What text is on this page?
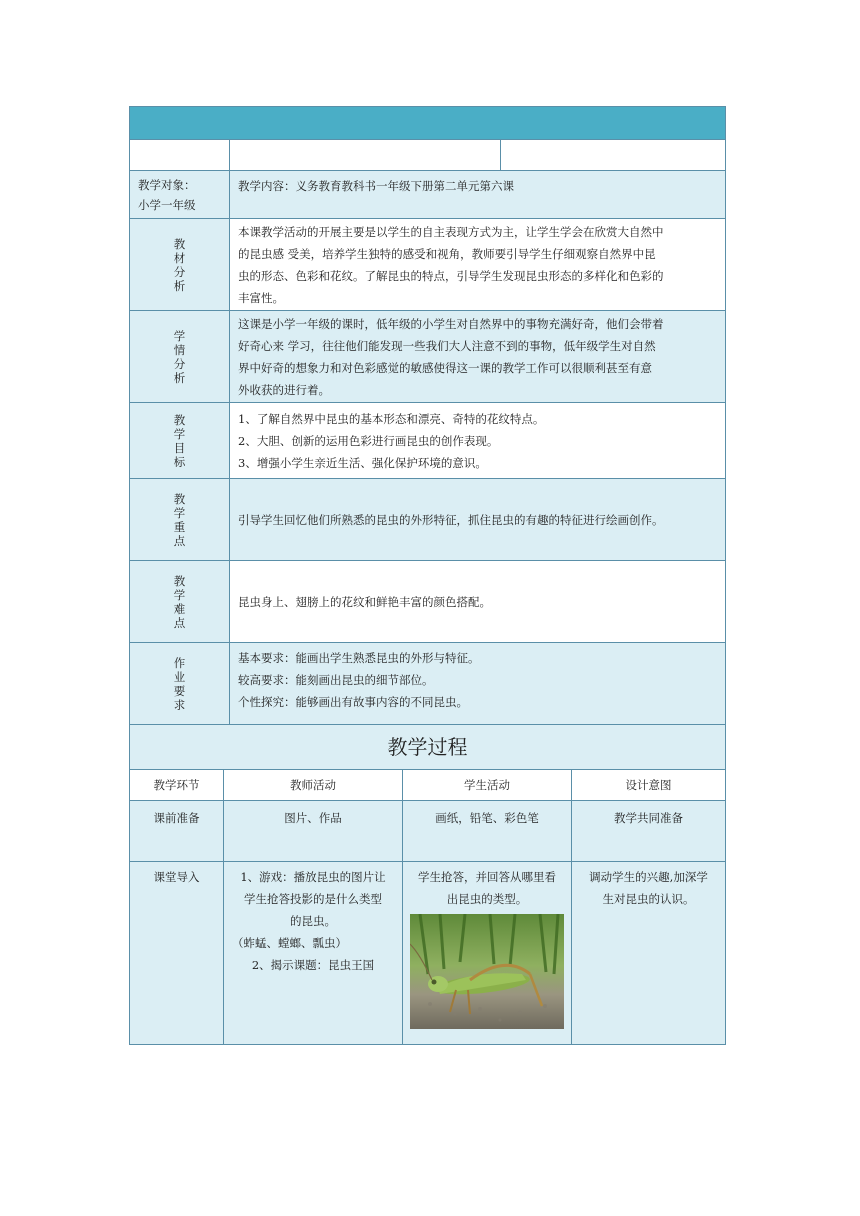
教学对象：
小学一年级	教学内容：义务教育教科书一年级下册第二单元第六课	
教材分析	本课教学活动的开展主要是以学生的自主表现方式为主，让学生学会在欣赏大自然中
的昆虫感 受美，培养学生独特的感受和视角，教师要引导学生仔细观察自然界中昆
虫的形态、色彩和花纹。了解昆虫的特点，引导学生发现昆虫形态的多样化和色彩的
丰富性。	

学情分析	这课是小学一年级的课时，低年级的小学生对自然界中的事物充满好奇，他们会带着
好奇心来 学习，往往他们能发现一些我们大人注意不到的事物，低年级学生对自然
界中好奇的想象力和对色彩感觉的敏感使得这一课的教学工作可以很顺利甚至有意
外收获的进行着。	

教学目标	1、了解自然界中昆虫的基本形态和漂亮、奇特的花纹特点。
2、大胆、创新的运用色彩进行画昆虫的创作表现。
3、增强小学生亲近生活、强化保护环境的意识。	

教学重点	引导学生回忆他们所熟悉的昆虫的外形特征，抓住昆虫的有趣的特征进行绘画创作。	

教学难点	昆虫身上、翅膀上的花纹和鲜艳丰富的颜色搭配。	

作业要求	基本要求：能画出学生熟悉昆虫的外形与特征。
较高要求：能刻画出昆虫的细节部位。
个性探究：能够画出有故事内容的不同昆虫。	
教学过程			
教学环节	教师活动	学生活动	设计意图
课前准备	图片、作品	画纸，铅笔、彩色笔	教学共同准备
课堂导入	1、游戏：播放昆虫的图片让
学生抢答投影的是什么类型
的昆虫。
（蚱蜢、螳螂、瓢虫）
2、揭示课题：昆虫王国	学生抢答，并回答从哪里看
出昆虫的类型。	调动学生的兴趣,加深学
生对昆虫的认识。
